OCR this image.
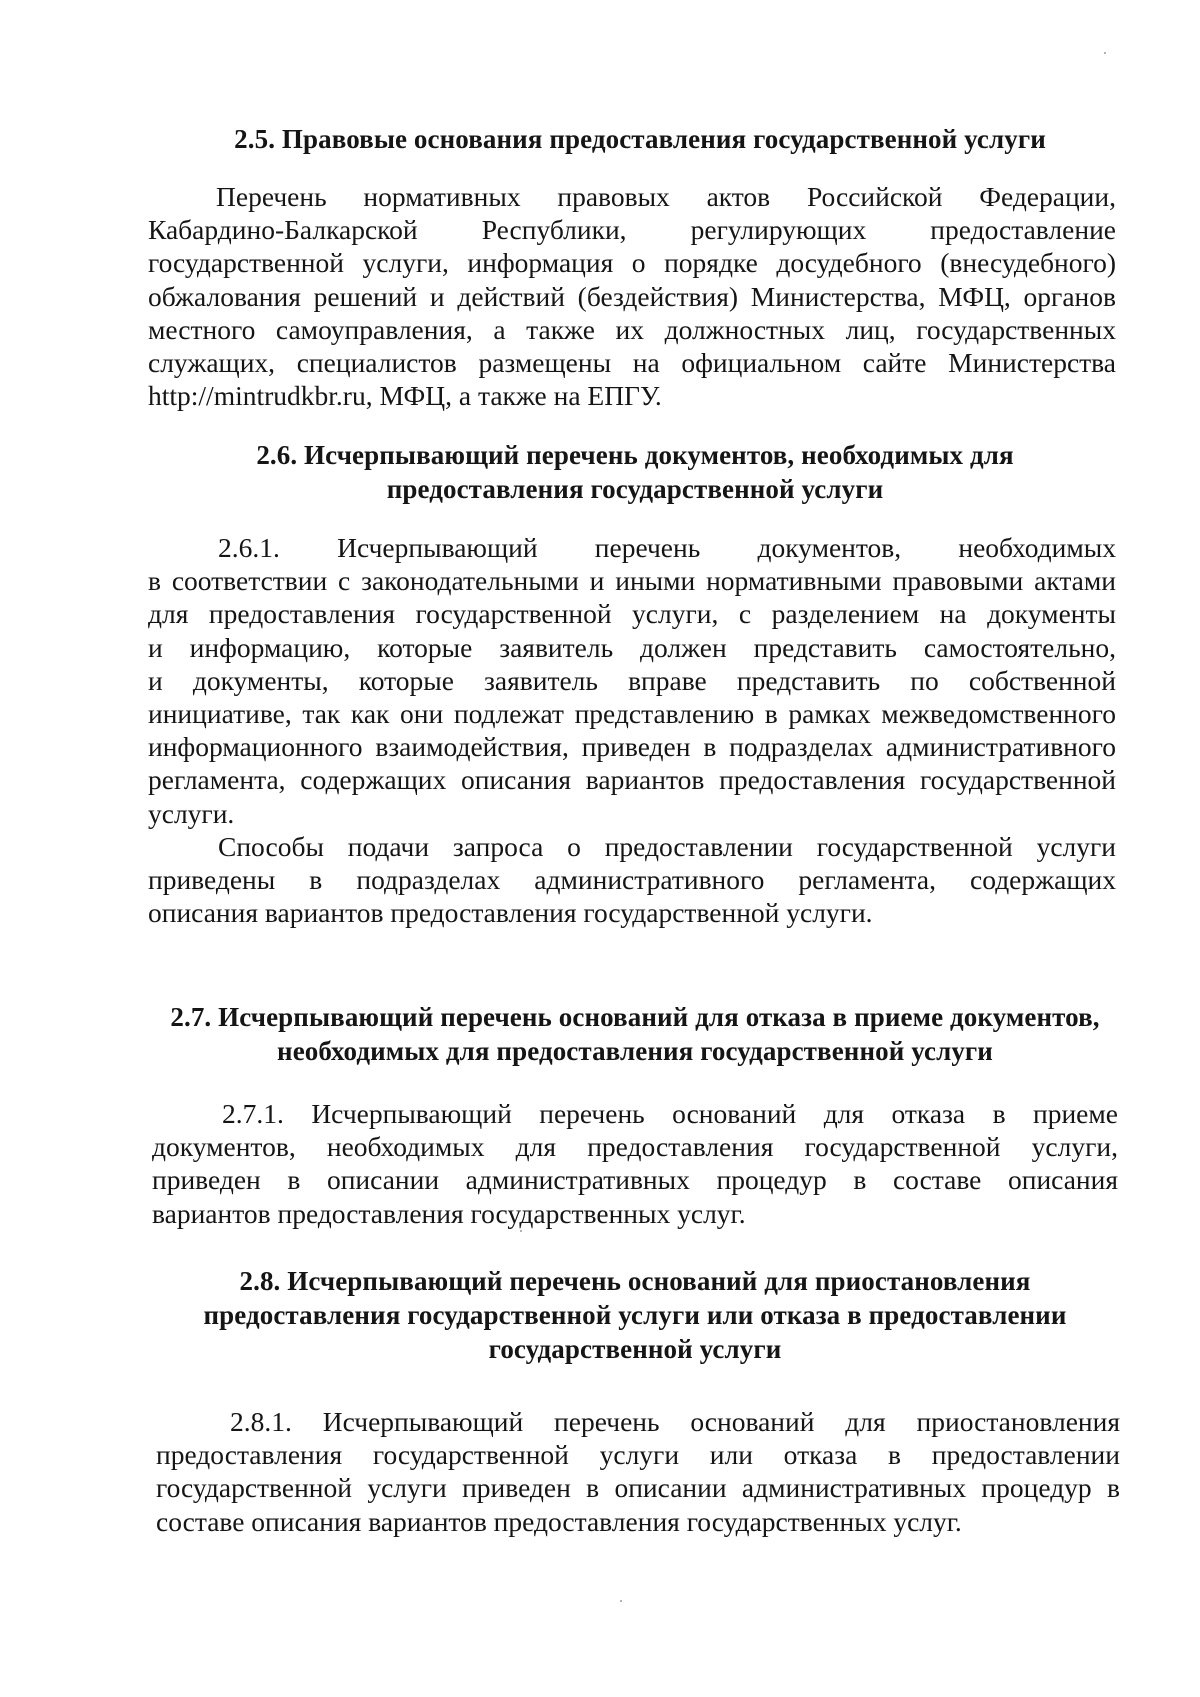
2.5. Правовые основания предоставления государственной услуги
Перечень нормативных правовых актов Российской Федерации,
Кабардино-Балкарской Республики, регулирующих предоставление
государственной услуги, информация о порядке досудебного (внесудебного)
обжалования решений и действий (бездействия) Министерства, МФЦ, органов
местного самоуправления, а также их должностных лиц, государственных
служащих, специалистов размещены на официальном сайте Министерства
http://mintrudkbr.ru, МФЦ, а также на ЕПГУ.
2.6. Исчерпывающий перечень документов, необходимых для
предоставления государственной услуги
2.6.1. Исчерпывающий перечень документов, необходимых
в соответствии с законодательными и иными нормативными правовыми актами
для предоставления государственной услуги, с разделением на документы
и информацию, которые заявитель должен представить самостоятельно,
и документы, которые заявитель вправе представить по собственной
инициативе, так как они подлежат представлению в рамках межведомственного
информационного взаимодействия, приведен в подразделах административного
регламента, содержащих описания вариантов предоставления государственной
услуги.
Способы подачи запроса о предоставлении государственной услуги
приведены в подразделах административного регламента, содержащих
описания вариантов предоставления государственной услуги.
2.7. Исчерпывающий перечень оснований для отказа в приеме документов,
необходимых для предоставления государственной услуги
2.7.1. Исчерпывающий перечень оснований для отказа в приеме
документов, необходимых для предоставления государственной услуги,
приведен в описании административных процедур в составе описания
вариантов предоставления государственных услуг.
2.8. Исчерпывающий перечень оснований для приостановления
предоставления государственной услуги или отказа в предоставлении
государственной услуги
2.8.1. Исчерпывающий перечень оснований для приостановления
предоставления государственной услуги или отказа в предоставлении
государственной услуги приведен в описании административных процедур в
составе описания вариантов предоставления государственных услуг.
